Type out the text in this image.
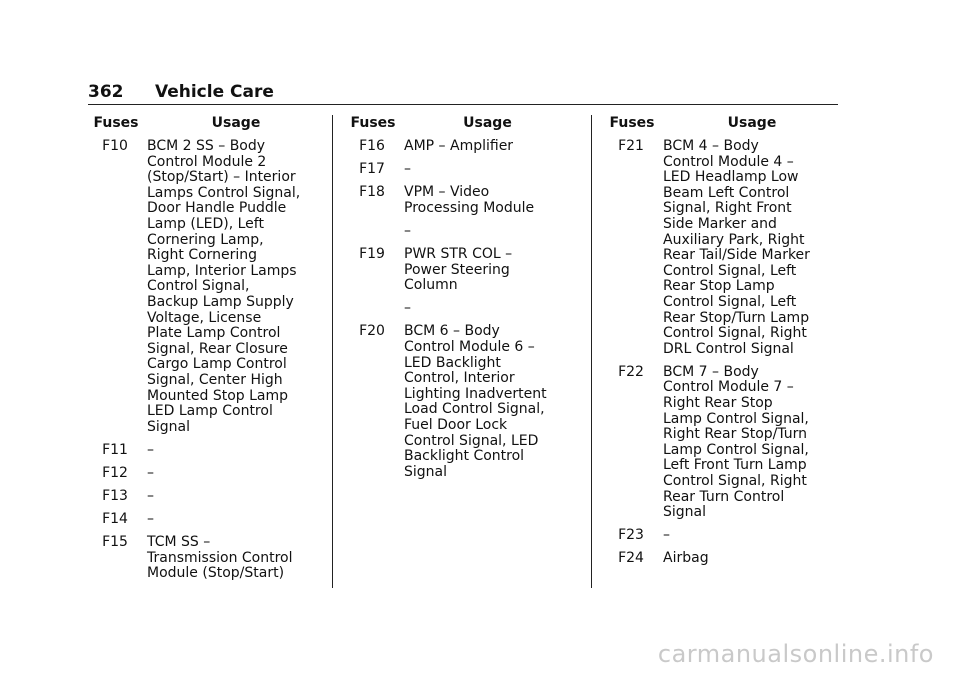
362 Vehicle Care
Fuses	Usage
F10	BCM 2 SS – Body
Control Module 2
(Stop/Start) – Interior
Lamps Control Signal,
Door Handle Puddle
Lamp (LED), Left
Cornering Lamp,
Right Cornering
Lamp, Interior Lamps
Control Signal,
Backup Lamp Supply
Voltage, License
Plate Lamp Control
Signal, Rear Closure
Cargo Lamp Control
Signal, Center High
Mounted Stop Lamp
LED Lamp Control
Signal
F11	–
F12	–
F13	–
F14	–
F15	TCM SS –
Transmission Control
Module (Stop/Start)
Fuses	Usage
F16	AMP – Amplifier
F17	–
F18	VPM – Video
Processing Module
–
F19	PWR STR COL –
Power Steering
Column
–
F20	BCM 6 – Body
Control Module 6 –
LED Backlight
Control, Interior
Lighting Inadvertent
Load Control Signal,
Fuel Door Lock
Control Signal, LED
Backlight Control
Signal
Fuses	Usage
F21	BCM 4 – Body
Control Module 4 –
LED Headlamp Low
Beam Left Control
Signal, Right Front
Side Marker and
Auxiliary Park, Right
Rear Tail/Side Marker
Control Signal, Left
Rear Stop Lamp
Control Signal, Left
Rear Stop/Turn Lamp
Control Signal, Right
DRL Control Signal
F22	BCM 7 – Body
Control Module 7 –
Right Rear Stop
Lamp Control Signal,
Right Rear Stop/Turn
Lamp Control Signal,
Left Front Turn Lamp
Control Signal, Right
Rear Turn Control
Signal
F23	–
F24	Airbag
carmanualsonline.info
